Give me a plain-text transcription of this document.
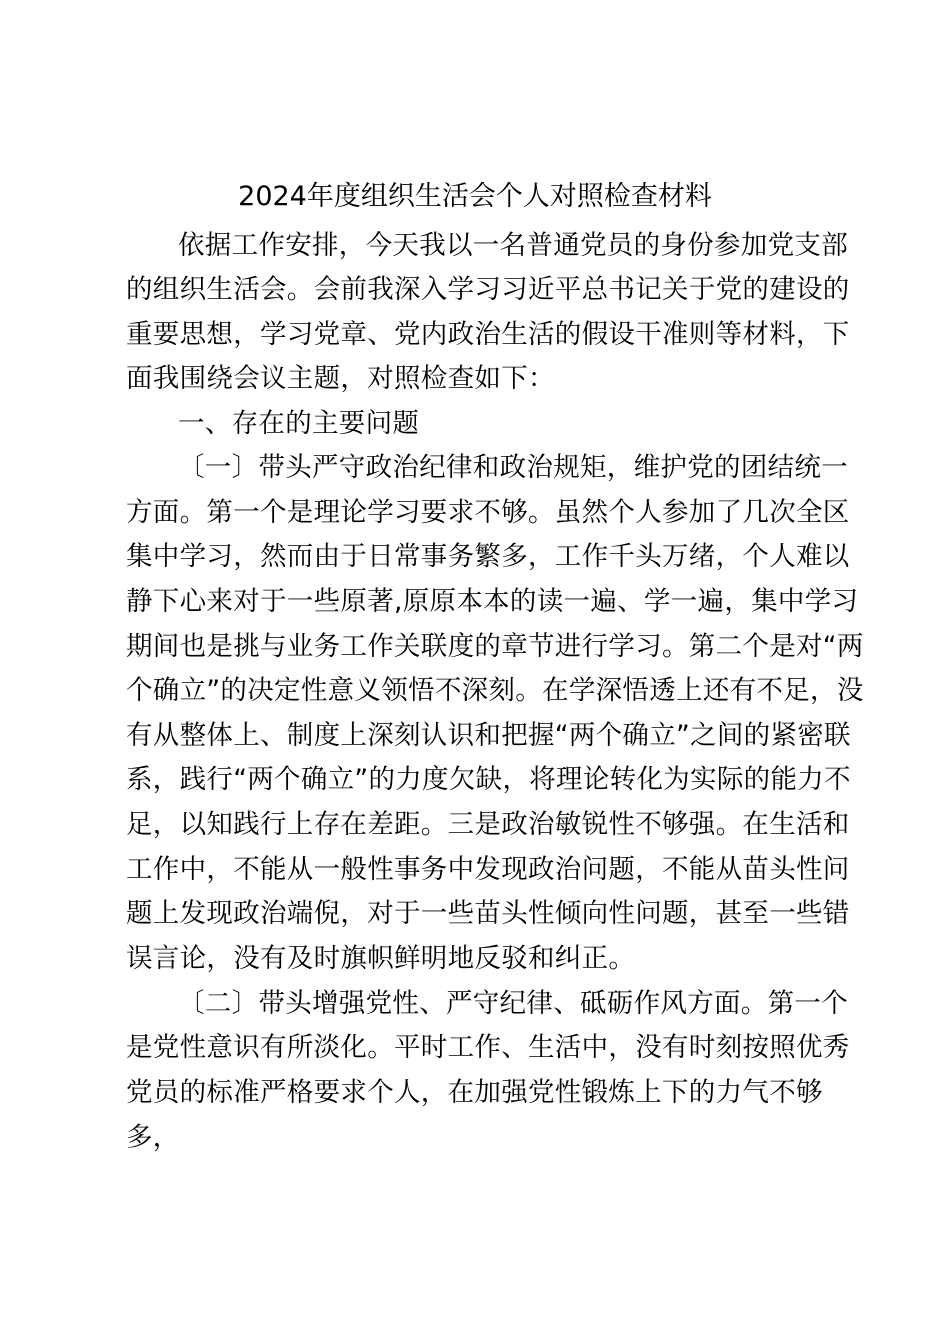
2024年度组织生活会个人对照检查材料
依据工作安排，今天我以一名普通党员的身份参加党支部
的组织生活会。会前我深入学习习近平总书记关于党的建设的
重要思想，学习党章、党内政治生活的假设干准则等材料，下
面我围绕会议主题，对照检查如下：
一、存在的主要问题
〔一〕带头严守政治纪律和政治规矩，维护党的团结统一
方面。第一个是理论学习要求不够。虽然个人参加了几次全区
集中学习，然而由于日常事务繁多，工作千头万绪，个人难以
静下心来对于一些原著,原原本本的读一遍、学一遍，集中学习
期间也是挑与业务工作关联度的章节进行学习。第二个是对“两
个确立”的决定性意义领悟不深刻。在学深悟透上还有不足，没
有从整体上、制度上深刻认识和把握“两个确立”之间的紧密联
系，践行“两个确立”的力度欠缺，将理论转化为实际的能力不
足，以知践行上存在差距。三是政治敏锐性不够强。在生活和
工作中，不能从一般性事务中发现政治问题，不能从苗头性问
题上发现政治端倪，对于一些苗头性倾向性问题，甚至一些错
误言论，没有及时旗帜鲜明地反驳和纠正。
〔二〕带头增强党性、严守纪律、砥砺作风方面。第一个
是党性意识有所淡化。平时工作、生活中，没有时刻按照优秀
党员的标准严格要求个人，在加强党性锻炼上下的力气不够
多，
